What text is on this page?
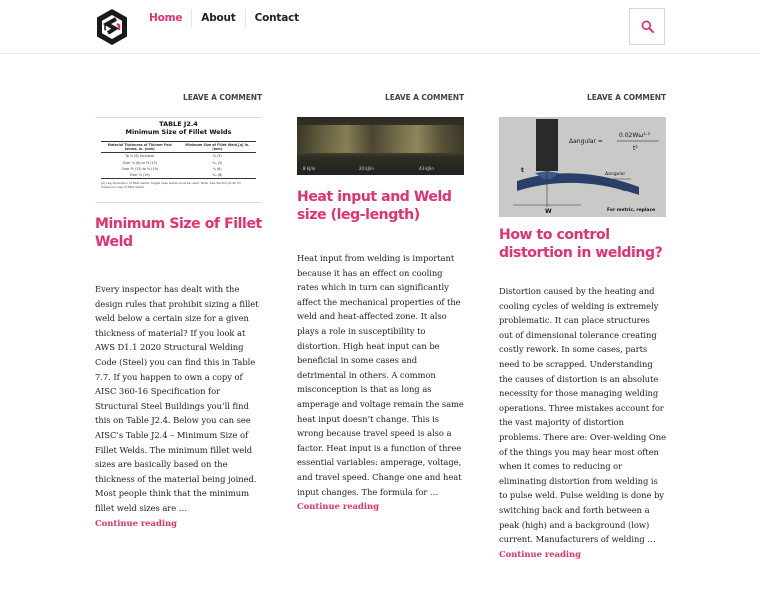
Home	About	Contact
LEAVE A COMMENT
TABLE J2.4
Minimum Size of Fillet Welds
Material Thickness of Thinner Part Joined, in. (mm)
Minimum Size of Fillet Weld,[a] in. (mm)
To ¼ (6) inclusive	⅛ (3)
Over ¼ (6) to ½ (13)	³⁄₁₆ (5)
Over ½ (13) to ¾ (19)	¼ (6)
Over ¾ (19)	⁵⁄₁₆ (8)
[a] Leg dimension of fillet welds. Single pass welds must be used. Note: See Section J2.2b for maximum size of fillet welds.
Minimum Size of Fillet Weld

Every inspector has dealt with the design rules that prohibit sizing a fillet weld below a certain size for a given thickness of material? If you look at AWS D1.1 2020 Structural Welding Code (Steel) you can find this in Table 7.7. If you happen to own a copy of AISC 360-16 Specification for Structural Steel Buildings you’ll find this on Table J2.4. Below you can see AISC’s Table J2.4 – Minimum Size of Fillet Welds. The minimum fillet weld sizes are basically based on the thickness of the material being joined. Most people think that the minimum fillet weld sizes are …

Continue reading
LEAVE A COMMENT
8 kJ/in	20 kJ/in	43 kJ/in
Heat input and Weld size (leg-length)

Heat input from welding is important because it has an effect on cooling rates which in turn can significantly affect the mechanical properties of the weld and heat-affected zone. It also plays a role in susceptibility to distortion. High heat input can be beneficial in some cases and detrimental in others. A common misconception is that as long as amperage and voltage remain the same heat input doesn’t change. This is wrong because travel speed is also a factor. Heat input is a function of three essential variables: amperage, voltage, and travel speed. Change one and heat input changes. The formula for …

Continue reading
LEAVE A COMMENT
Δangular =
0.02Wω¹·³
t²
t
W
Δangular
For metric, replace
How to control distortion in welding?

Distortion caused by the heating and cooling cycles of welding is extremely problematic. It can place structures out of dimensional tolerance creating costly rework. In some cases, parts need to be scrapped. Understanding the causes of distortion is an absolute necessity for those managing welding operations. Three mistakes account for the vast majority of distortion problems. There are: Over-welding One of the things you may hear most often when it comes to reducing or eliminating distortion from welding is to pulse weld. Pulse welding is done by switching back and forth between a peak (high) and a background (low) current. Manufacturers of welding …

Continue reading
